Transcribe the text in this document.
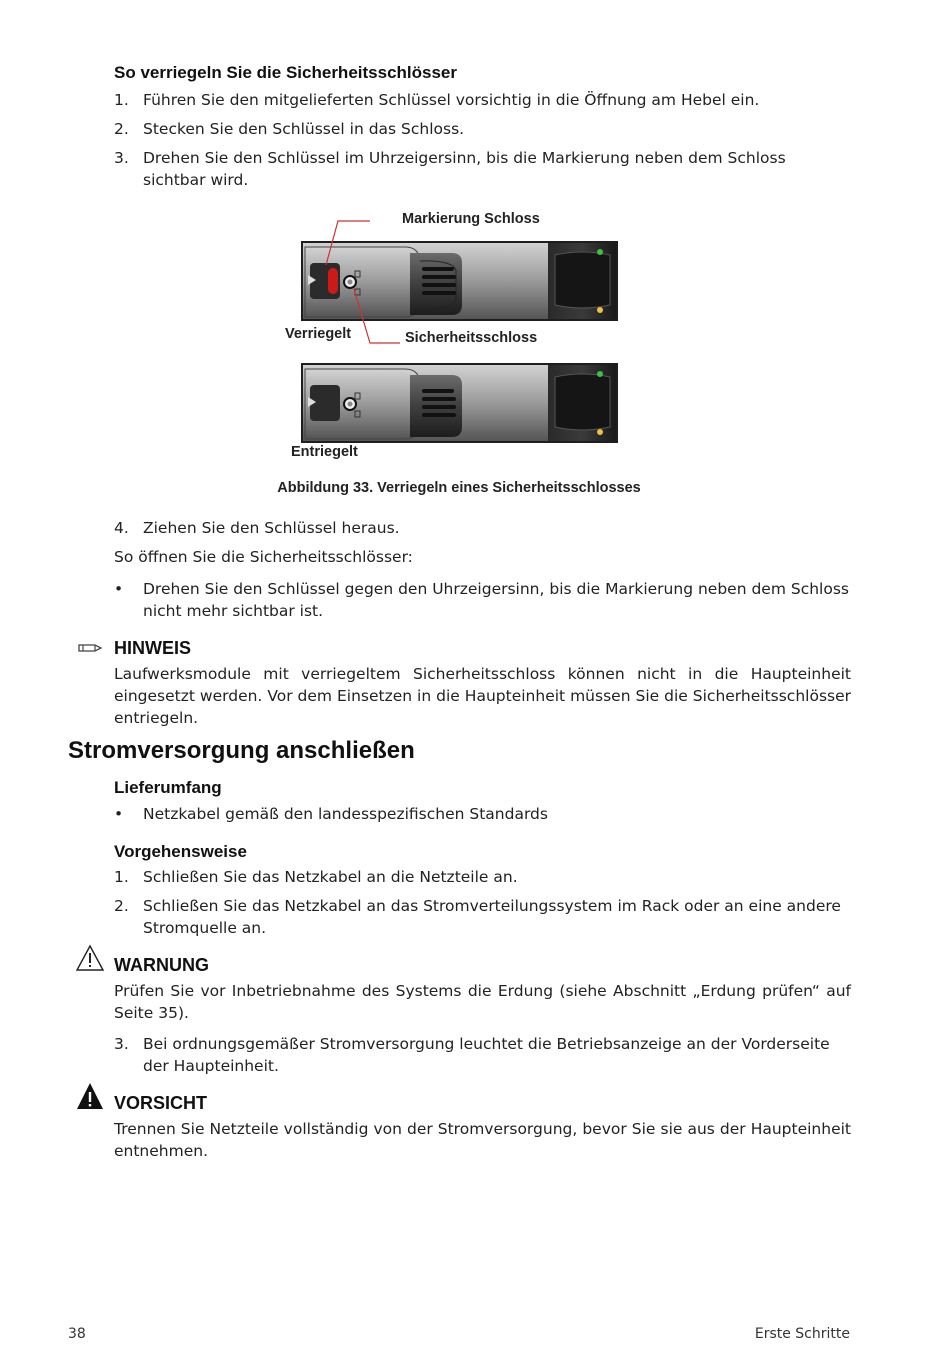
So verriegeln Sie die Sicherheitsschlösser
1. Führen Sie den mitgelieferten Schlüssel vorsichtig in die Öffnung am Hebel ein.
2. Stecken Sie den Schlüssel in das Schloss.
3. Drehen Sie den Schlüssel im Uhrzeigersinn, bis die Markierung neben dem Schloss sichtbar wird.
Markierung Schloss
Verriegelt	Sicherheitsschloss
Entriegelt
Abbildung 33. Verriegeln eines Sicherheitsschlosses
4. Ziehen Sie den Schlüssel heraus.
So öffnen Sie die Sicherheitsschlösser:
• Drehen Sie den Schlüssel gegen den Uhrzeigersinn, bis die Markierung neben dem Schloss nicht mehr sichtbar ist.
HINWEIS
Laufwerksmodule mit verriegeltem Sicherheitsschloss können nicht in die Haupteinheit eingesetzt werden. Vor dem Einsetzen in die Haupteinheit müssen Sie die Sicherheitsschlösser entriegeln.
Stromversorgung anschließen
Lieferumfang
• Netzkabel gemäß den landesspezifischen Standards
Vorgehensweise
1. Schließen Sie das Netzkabel an die Netzteile an.
2. Schließen Sie das Netzkabel an das Stromverteilungssystem im Rack oder an eine andere Stromquelle an.
WARNUNG
Prüfen Sie vor Inbetriebnahme des Systems die Erdung (siehe Abschnitt „Erdung prüfen“ auf Seite 35).
3. Bei ordnungsgemäßer Stromversorgung leuchtet die Betriebsanzeige an der Vorderseite der Haupteinheit.
VORSICHT
Trennen Sie Netzteile vollständig von der Stromversorgung, bevor Sie sie aus der Haupteinheit entnehmen.
38	Erste Schritte
